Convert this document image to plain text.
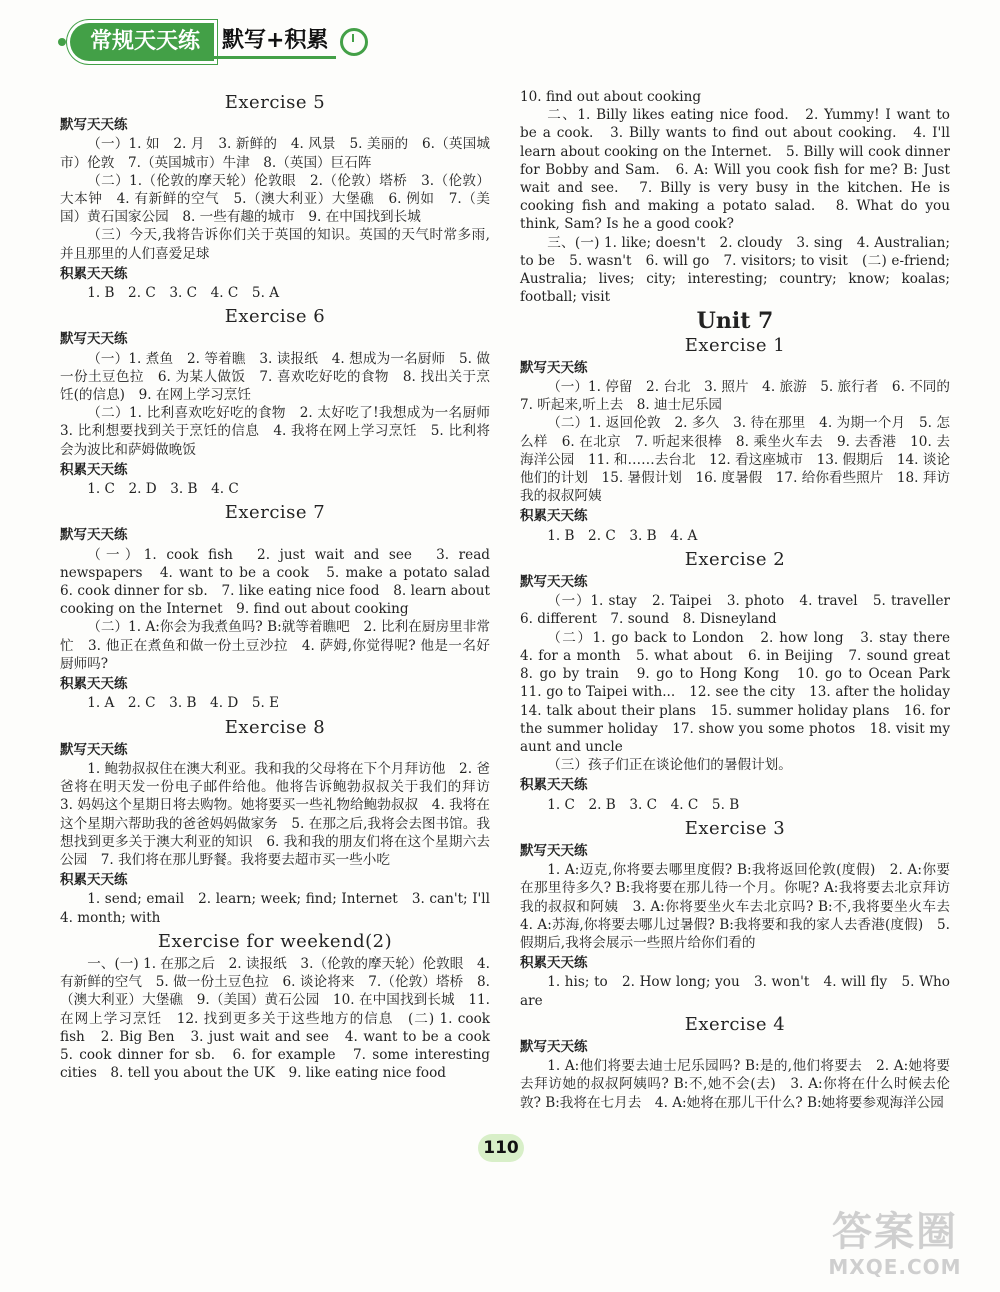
常规天天练	默写+积累
Exercise 5
默写天天练

（一）1. 如　2. 月　3. 新鲜的　4. 风景　5. 美丽的　6.（英国城市）伦敦　7.（英国城市）牛津　8.（英国）巨石阵

（二）1.（伦敦的摩天轮）伦敦眼　2.（伦敦）塔桥　3.（伦敦）大本钟　4. 有新鲜的空气　5.（澳大利亚）大堡礁　6. 例如　7.（美国）黄石国家公园　8. 一些有趣的城市　9. 在中国找到长城

（三）今天,我将告诉你们关于英国的知识。英国的天气时常多雨,并且那里的人们喜爱足球

积累天天练

1. B　2. C　3. C　4. C　5. A

Exercise 6
默写天天练

（一）1. 煮鱼　2. 等着瞧　3. 读报纸　4. 想成为一名厨师　5. 做一份土豆色拉　6. 为某人做饭　7. 喜欢吃好吃的食物　8. 找出关于烹饪(的信息)　9. 在网上学习烹饪

（二）1. 比利喜欢吃好吃的食物　2. 太好吃了!我想成为一名厨师　3. 比利想要找到关于烹饪的信息　4. 我将在网上学习烹饪　5. 比利将会为波比和萨姆做晚饭

积累天天练

1. C　2. D　3. B　4. C

Exercise 7
默写天天练

（一）1. cook fish　2. just wait and see　3. read newspapers　4. want to be a cook　5. make a potato salad　6. cook dinner for sb.　7. like eating nice food　8. learn about cooking on the Internet　9. find out about cooking

（二）1. A:你会为我煮鱼吗? B:就等着瞧吧　2. 比利在厨房里非常忙　3. 他正在煮鱼和做一份土豆沙拉　4. 萨姆,你觉得呢? 他是一名好厨师吗?

积累天天练

1. A　2. C　3. B　4. D　5. E

Exercise 8
默写天天练

1. 鲍勃叔叔住在澳大利亚。我和我的父母将在下个月拜访他　2. 爸爸将在明天发一份电子邮件给他。他将告诉鲍勃叔叔关于我们的拜访　3. 妈妈这个星期日将去购物。她将要买一些礼物给鲍勃叔叔　4. 我将在这个星期六帮助我的爸爸妈妈做家务　5. 在那之后,我将会去图书馆。我想找到更多关于澳大利亚的知识　6. 我和我的朋友们将在这个星期六去公园　7. 我们将在那儿野餐。我将要去超市买一些小吃

积累天天练

1. send; email　2. learn; week; find; Internet　3. can't; I'll　4. month; with

Exercise for weekend(2)

一、(一) 1. 在那之后　2. 读报纸　3.（伦敦的摩天轮）伦敦眼　4. 有新鲜的空气　5. 做一份土豆色拉　6. 谈论将来　7.（伦敦）塔桥　8.（澳大利亚）大堡礁　9.（美国）黄石公园　10. 在中国找到长城　11. 在网上学习烹饪　12. 找到更多关于这些地方的信息　(二) 1. cook fish　2. Big Ben　3. just wait and see　4. want to be a cook　5. cook dinner for sb.　6. for example　7. some interesting cities　8. tell you about the UK　9. like eating nice food

10. find out about cooking

二、1. Billy likes eating nice food.　2. Yummy! I want to be a cook.　3. Billy wants to find out about cooking.　4. I'll learn about cooking on the Internet.　5. Billy will cook dinner for Bobby and Sam.　6. A: Will you cook fish for me? B: Just wait and see.　7. Billy is very busy in the kitchen. He is cooking fish and making a potato salad.　8. What do you think, Sam? Is he a good cook?

三、(一) 1. like; doesn't　2. cloudy　3. sing　4. Australian; to be　5. wasn't　6. will go　7. visitors; to visit　(二) e-friend; Australia; lives; city; interesting; country; know; koalas; football; visit

Unit 7
Exercise 1
默写天天练

（一）1. 停留　2. 台北　3. 照片　4. 旅游　5. 旅行者　6. 不同的　7. 听起来,听上去　8. 迪士尼乐园

（二）1. 返回伦敦　2. 多久　3. 待在那里　4. 为期一个月　5. 怎么样　6. 在北京　7. 听起来很棒　8. 乘坐火车去　9. 去香港　10. 去海洋公园　11. 和……去台北　12. 看这座城市　13. 假期后　14. 谈论他们的计划　15. 暑假计划　16. 度暑假　17. 给你看些照片　18. 拜访我的叔叔阿姨

积累天天练

1. B　2. C　3. B　4. A

Exercise 2
默写天天练

（一）1. stay　2. Taipei　3. photo　4. travel　5. traveller　6. different　7. sound　8. Disneyland

（二）1. go back to London　2. how long　3. stay there　4. for a month　5. what about　6. in Beijing　7. sound great　8. go by train　9. go to Hong Kong　10. go to Ocean Park　11. go to Taipei with...　12. see the city　13. after the holiday　14. talk about their plans　15. summer holiday plans　16. for the summer holiday　17. show you some photos　18. visit my aunt and uncle

（三）孩子们正在谈论他们的暑假计划。

积累天天练

1. C　2. B　3. C　4. C　5. B

Exercise 3
默写天天练

1. A:迈克,你将要去哪里度假? B:我将返回伦敦(度假)　2. A:你要在那里待多久? B:我将要在那儿待一个月。你呢? A:我将要去北京拜访我的叔叔和阿姨　3. A:你将要坐火车去北京吗? B:不,我将要坐火车去　4. A:苏海,你将要去哪儿过暑假? B:我将要和我的家人去香港(度假)　5. 假期后,我将会展示一些照片给你们看的

积累天天练

1. his; to　2. How long; you　3. won't　4. will fly　5. Who are

Exercise 4
默写天天练

1. A:他们将要去迪士尼乐园吗? B:是的,他们将要去　2. A:她将要去拜访她的叔叔阿姨吗? B:不,她不会(去)　3. A:你将在什么时候去伦敦? B:我将在七月去　4. A:她将在那儿干什么? B:她将要参观海洋公园

110
答案圈
MXQE.COM
